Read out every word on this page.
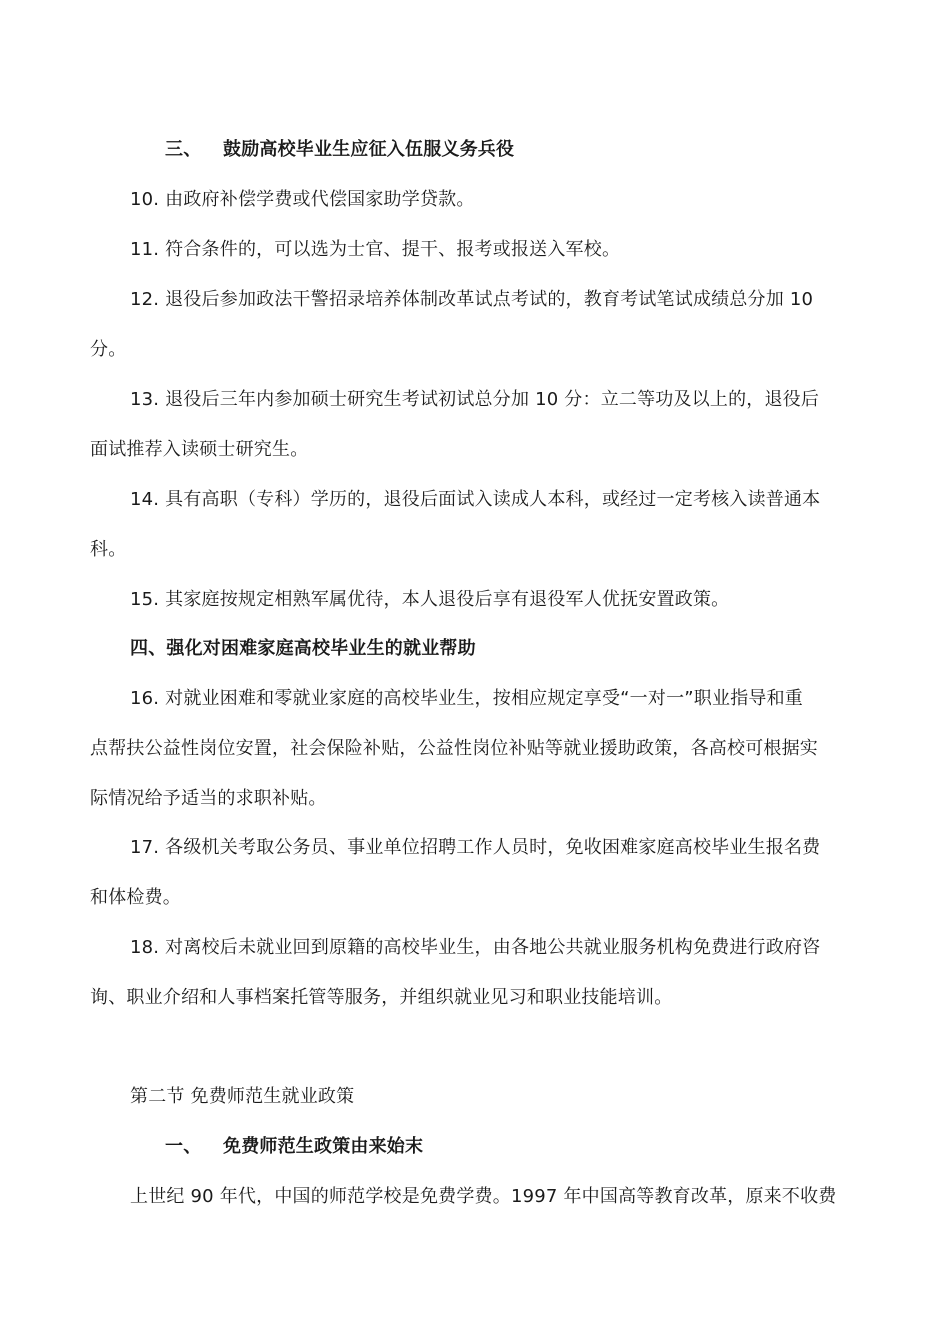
三、 鼓励高校毕业生应征入伍服义务兵役
10. 由政府补偿学费或代偿国家助学贷款。
11. 符合条件的，可以选为士官、提干、报考或报送入军校。
12. 退役后参加政法干警招录培养体制改革试点考试的，教育考试笔试成绩总分加 10
分。
13. 退役后三年内参加硕士研究生考试初试总分加 10 分：立二等功及以上的，退役后
面试推荐入读硕士研究生。
14. 具有高职（专科）学历的，退役后面试入读成人本科，或经过一定考核入读普通本
科。
15. 其家庭按规定相熟军属优待，本人退役后享有退役军人优抚安置政策。
四、强化对困难家庭高校毕业生的就业帮助
16. 对就业困难和零就业家庭的高校毕业生，按相应规定享受“一对一”职业指导和重
点帮扶公益性岗位安置，社会保险补贴，公益性岗位补贴等就业援助政策，各高校可根据实
际情况给予适当的求职补贴。
17. 各级机关考取公务员、事业单位招聘工作人员时，免收困难家庭高校毕业生报名费
和体检费。
18. 对离校后未就业回到原籍的高校毕业生，由各地公共就业服务机构免费进行政府咨
询、职业介绍和人事档案托管等服务，并组织就业见习和职业技能培训。
第二节 免费师范生就业政策
一、 免费师范生政策由来始末
上世纪 90 年代，中国的师范学校是免费学费。1997 年中国高等教育改革，原来不收费
